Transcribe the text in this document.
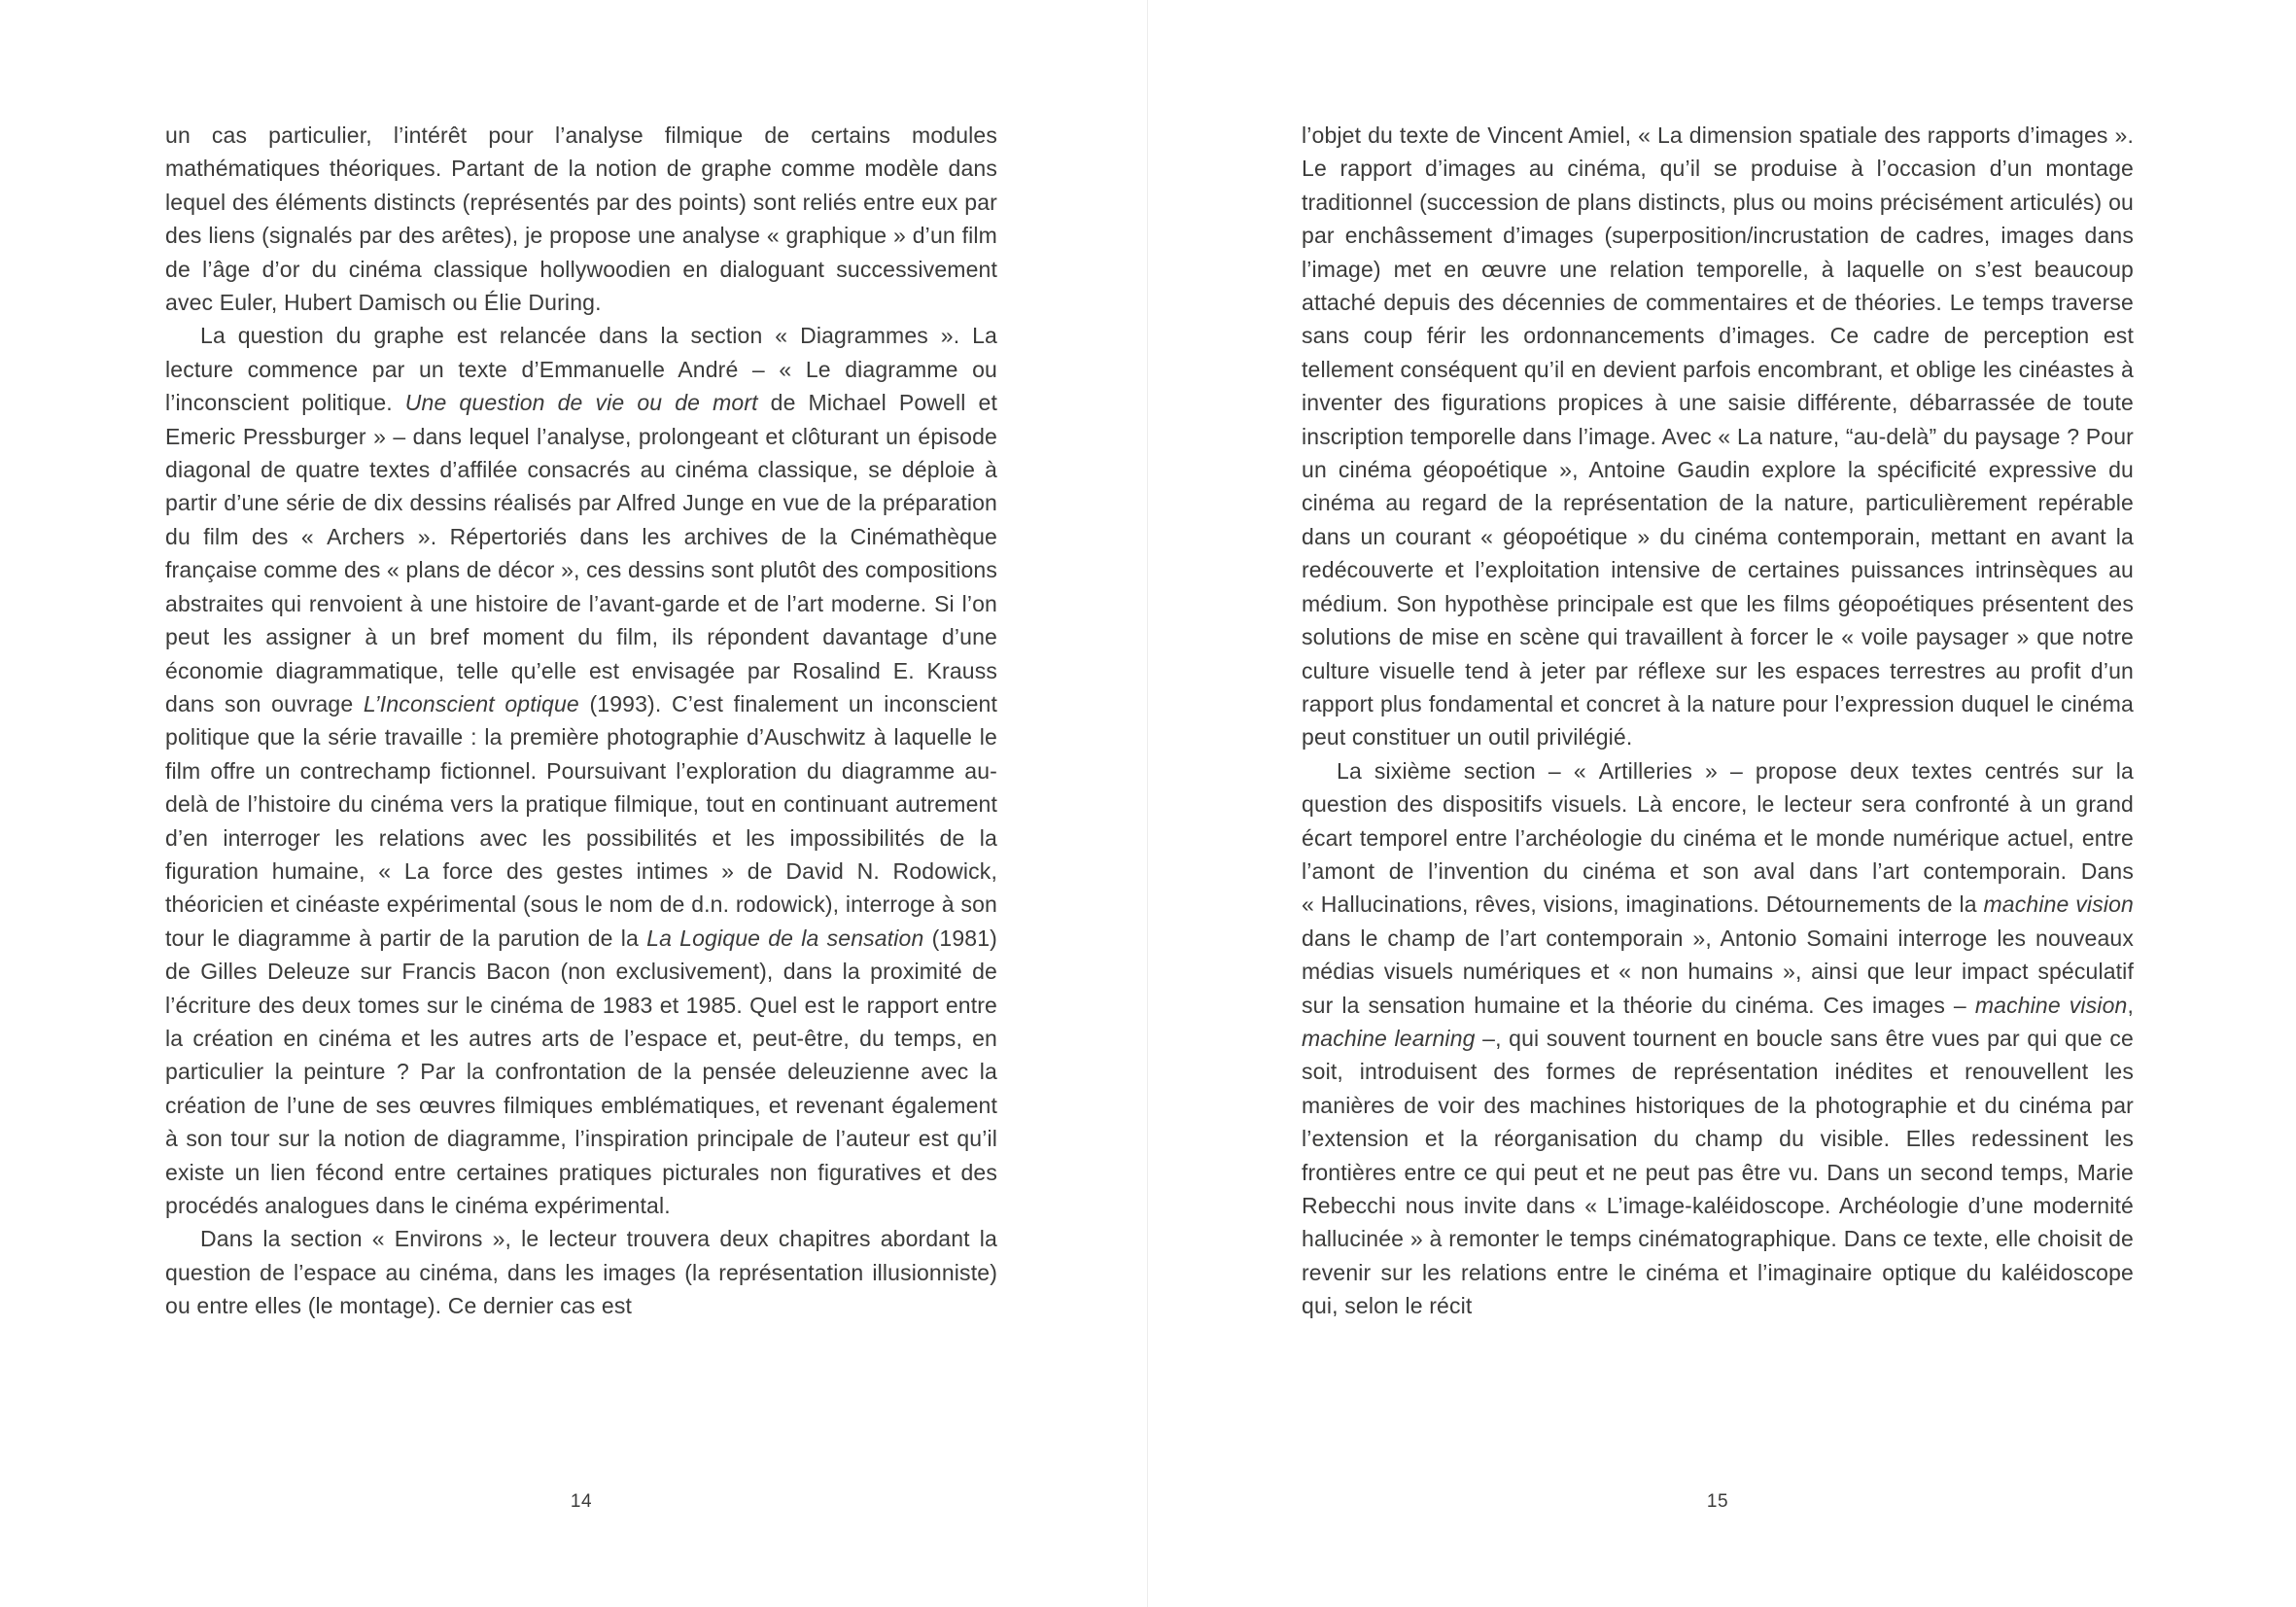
un cas particulier, l’intérêt pour l’analyse filmique de certains modules mathématiques théoriques. Partant de la notion de graphe comme modèle dans lequel des éléments distincts (représentés par des points) sont reliés entre eux par des liens (signalés par des arêtes), je propose une analyse « graphique » d’un film de l’âge d’or du cinéma classique hollywoodien en dialoguant successivement avec Euler, Hubert Damisch ou Élie During.

La question du graphe est relancée dans la section « Diagrammes ». La lecture commence par un texte d’Emmanuelle André – « Le diagramme ou l’inconscient politique. Une question de vie ou de mort de Michael Powell et Emeric Pressburger » – dans lequel l’analyse, prolongeant et clôturant un épisode diagonal de quatre textes d’affilée consacrés au cinéma classique, se déploie à partir d’une série de dix dessins réalisés par Alfred Junge en vue de la préparation du film des « Archers ». Répertoriés dans les archives de la Cinémathèque française comme des « plans de décor », ces dessins sont plutôt des compositions abstraites qui renvoient à une histoire de l’avant-garde et de l’art moderne. Si l’on peut les assigner à un bref moment du film, ils répondent davantage d’une économie diagrammatique, telle qu’elle est envisagée par Rosalind E. Krauss dans son ouvrage L’Inconscient optique (1993). C’est finalement un inconscient politique que la série travaille : la première photographie d’Auschwitz à laquelle le film offre un contrechamp fictionnel. Poursuivant l’exploration du diagramme au-delà de l’histoire du cinéma vers la pratique filmique, tout en continuant autrement d’en interroger les relations avec les possibilités et les impossibilités de la figuration humaine, « La force des gestes intimes » de David N. Rodowick, théoricien et cinéaste expérimental (sous le nom de d.n. rodowick), interroge à son tour le diagramme à partir de la parution de la La Logique de la sensation (1981) de Gilles Deleuze sur Francis Bacon (non exclusivement), dans la proximité de l’écriture des deux tomes sur le cinéma de 1983 et 1985. Quel est le rapport entre la création en cinéma et les autres arts de l’espace et, peut-être, du temps, en particulier la peinture ? Par la confrontation de la pensée deleuzienne avec la création de l’une de ses œuvres filmiques emblématiques, et revenant également à son tour sur la notion de diagramme, l’inspiration principale de l’auteur est qu’il existe un lien fécond entre certaines pratiques picturales non figuratives et des procédés analogues dans le cinéma expérimental.

Dans la section « Environs », le lecteur trouvera deux chapitres abordant la question de l’espace au cinéma, dans les images (la représentation illusionniste) ou entre elles (le montage). Ce dernier cas est

14

l’objet du texte de Vincent Amiel, « La dimension spatiale des rapports d’images ». Le rapport d’images au cinéma, qu’il se produise à l’occasion d’un montage traditionnel (succession de plans distincts, plus ou moins précisément articulés) ou par enchâssement d’images (superposition/incrustation de cadres, images dans l’image) met en œuvre une relation temporelle, à laquelle on s’est beaucoup attaché depuis des décennies de commentaires et de théories. Le temps traverse sans coup férir les ordonnancements d’images. Ce cadre de perception est tellement conséquent qu’il en devient parfois encombrant, et oblige les cinéastes à inventer des figurations propices à une saisie différente, débarrassée de toute inscription temporelle dans l’image. Avec « La nature, “au-delà” du paysage ? Pour un cinéma géopoétique », Antoine Gaudin explore la spécificité expressive du cinéma au regard de la représentation de la nature, particulièrement repérable dans un courant « géopoétique » du cinéma contemporain, mettant en avant la redécouverte et l’exploitation intensive de certaines puissances intrinsèques au médium. Son hypothèse principale est que les films géopoétiques présentent des solutions de mise en scène qui travaillent à forcer le « voile paysager » que notre culture visuelle tend à jeter par réflexe sur les espaces terrestres au profit d’un rapport plus fondamental et concret à la nature pour l’expression duquel le cinéma peut constituer un outil privilégié.

La sixième section – « Artilleries » – propose deux textes centrés sur la question des dispositifs visuels. Là encore, le lecteur sera confronté à un grand écart temporel entre l’archéologie du cinéma et le monde numérique actuel, entre l’amont de l’invention du cinéma et son aval dans l’art contemporain. Dans « Hallucinations, rêves, visions, imaginations. Détournements de la machine vision dans le champ de l’art contemporain », Antonio Somaini interroge les nouveaux médias visuels numériques et « non humains », ainsi que leur impact spéculatif sur la sensation humaine et la théorie du cinéma. Ces images – machine vision, machine learning –, qui souvent tournent en boucle sans être vues par qui que ce soit, introduisent des formes de représentation inédites et renouvellent les manières de voir des machines historiques de la photographie et du cinéma par l’extension et la réorganisation du champ du visible. Elles redessinent les frontières entre ce qui peut et ne peut pas être vu. Dans un second temps, Marie Rebecchi nous invite dans « L’image-kaléidoscope. Archéologie d’une modernité hallucinée » à remonter le temps cinématographique. Dans ce texte, elle choisit de revenir sur les relations entre le cinéma et l’imaginaire optique du kaléidoscope qui, selon le récit

15
